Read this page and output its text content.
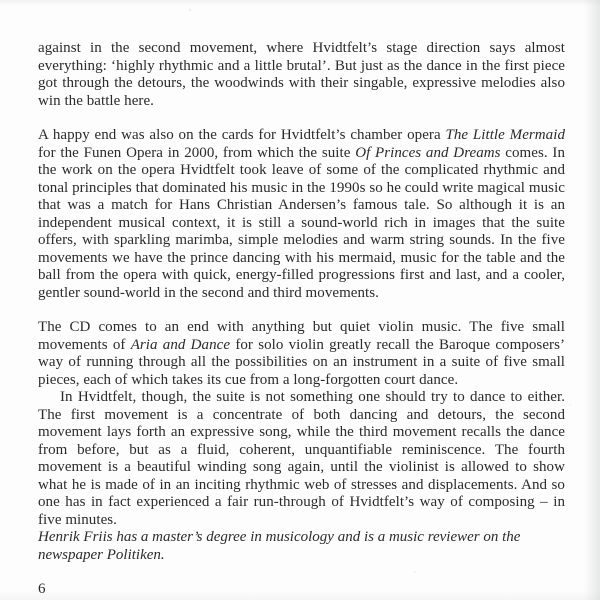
against in the second movement, where Hvidtfelt’s stage direction says almost everything: ‘highly rhythmic and a little brutal’. But just as the dance in the first piece got through the detours, the woodwinds with their singable, expressive melodies also win the battle here.

A happy end was also on the cards for Hvidtfelt’s chamber opera The Little Mermaid for the Funen Opera in 2000, from which the suite Of Princes and Dreams comes. In the work on the opera Hvidtfelt took leave of some of the complicated rhythmic and tonal principles that dominated his music in the 1990s so he could write magical music that was a match for Hans Christian Andersen’s famous tale. So although it is an independent musical context, it is still a sound-world rich in images that the suite offers, with sparkling marimba, simple melodies and warm string sounds. In the five movements we have the prince dancing with his mermaid, music for the table and the ball from the opera with quick, energy-filled progressions first and last, and a cooler, gentler sound-world in the second and third movements.

The CD comes to an end with anything but quiet violin music. The five small movements of Aria and Dance for solo violin greatly recall the Baroque composers’ way of running through all the possibilities on an instrument in a suite of five small pieces, each of which takes its cue from a long-forgotten court dance.

In Hvidtfelt, though, the suite is not something one should try to dance to either. The first movement is a concentrate of both dancing and detours, the second movement lays forth an expressive song, while the third movement recalls the dance from before, but as a fluid, coherent, unquantifiable reminiscence. The fourth movement is a beautiful winding song again, until the violinist is allowed to show what he is made of in an inciting rhythmic web of stresses and displacements. And so one has in fact experienced a fair run-through of Hvidtfelt’s way of composing – in five minutes.

Henrik Friis has a master’s degree in musicology and is a music reviewer on the newspaper Politiken.

6
